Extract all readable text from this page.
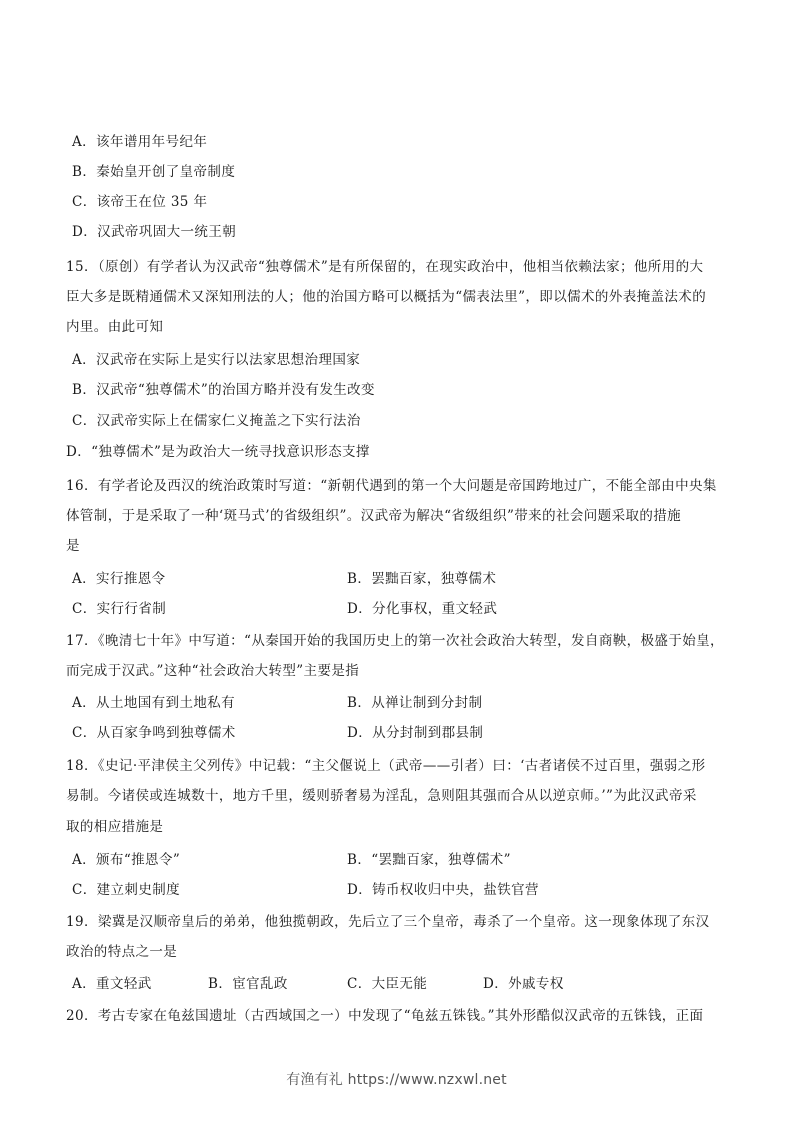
A．该年谱用年号纪年
B．秦始皇开创了皇帝制度
C．该帝王在位 35 年
D．汉武帝巩固大一统王朝
15．（原创）有学者认为汉武帝“独尊儒术”是有所保留的，在现实政治中，他相当依赖法家；他所用的大
臣大多是既精通儒术又深知刑法的人；他的治国方略可以概括为“儒表法里”，即以儒术的外表掩盖法术的
内里。由此可知
A．汉武帝在实际上是实行以法家思想治理国家
B．汉武帝“独尊儒术”的治国方略并没有发生改变
C．汉武帝实际上在儒家仁义掩盖之下实行法治
D．“独尊儒术”是为政治大一统寻找意识形态支撑
16．有学者论及西汉的统治政策时写道：“新朝代遇到的第一个大问题是帝国跨地过广，不能全部由中央集
体管制，于是采取了一种‘斑马式’的省级组织”。汉武帝为解决“省级组织”带来的社会问题采取的措施
是
A．实行推恩令	B．罢黜百家，独尊儒术
C．实行行省制	D．分化事权，重文轻武
17．《晚清七十年》中写道：“从秦国开始的我国历史上的第一次社会政治大转型，发自商鞅，极盛于始皇，
而完成于汉武。”这种“社会政治大转型”主要是指
A．从土地国有到土地私有	B．从禅让制到分封制
C．从百家争鸣到独尊儒术	D．从分封制到郡县制
18．《史记·平津侯主父列传》中记载：“主父偃说上（武帝——引者）曰：‘古者诸侯不过百里，强弱之形
易制。今诸侯或连城数十，地方千里，缓则骄奢易为淫乱，急则阻其强而合从以逆京师。’”为此汉武帝采
取的相应措施是
A．颁布“推恩令”	B．“罢黜百家，独尊儒术”
C．建立刺史制度	D．铸币权收归中央，盐铁官营
19．梁冀是汉顺帝皇后的弟弟，他独揽朝政，先后立了三个皇帝，毒杀了一个皇帝。这一现象体现了东汉
政治的特点之一是
A．重文轻武	B．宦官乱政	C．大臣无能	D．外戚专权
20．考古专家在龟兹国遗址（古西域国之一）中发现了“龟兹五铢钱。”其外形酷似汉武帝的五铢钱，正面
有渔有礼 https://www.nzxwl.net
